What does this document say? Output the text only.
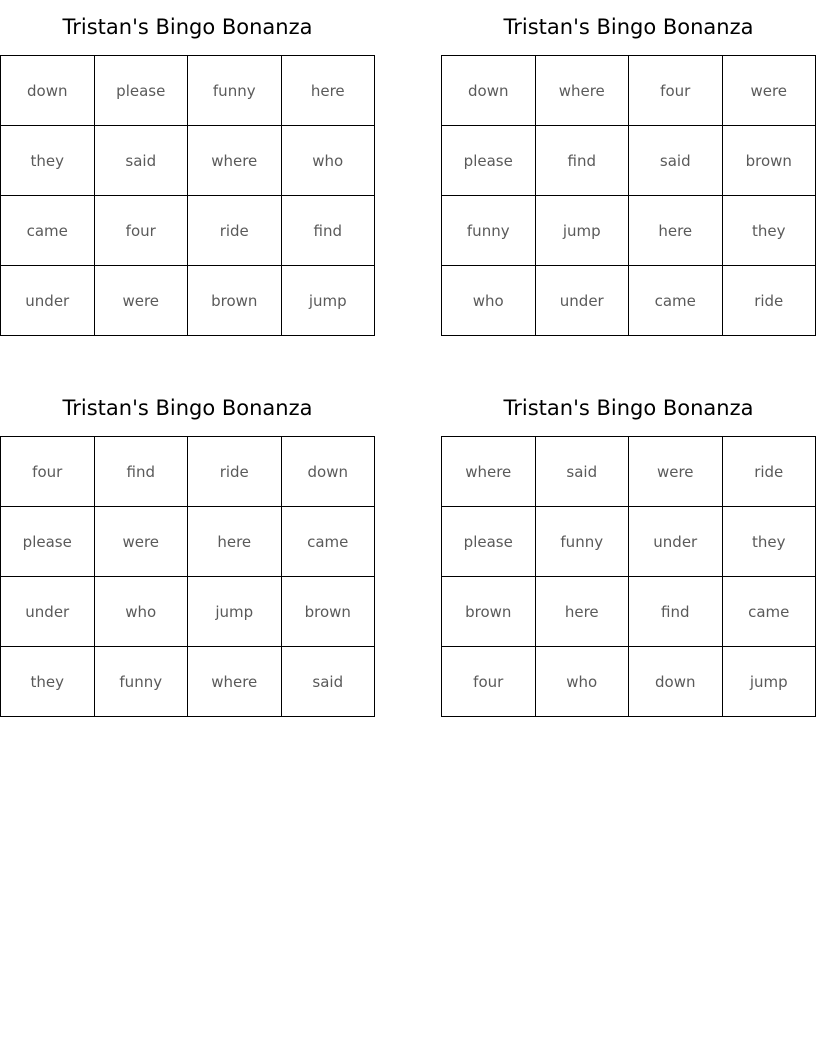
Tristan's Bingo Bonanza
down	please	funny	here
they	said	where	who
came	four	ride	find
under	were	brown	jump
Tristan's Bingo Bonanza
down	where	four	were
please	find	said	brown
funny	jump	here	they
who	under	came	ride
Tristan's Bingo Bonanza
four	find	ride	down
please	were	here	came
under	who	jump	brown
they	funny	where	said
Tristan's Bingo Bonanza
where	said	were	ride
please	funny	under	they
brown	here	find	came
four	who	down	jump
